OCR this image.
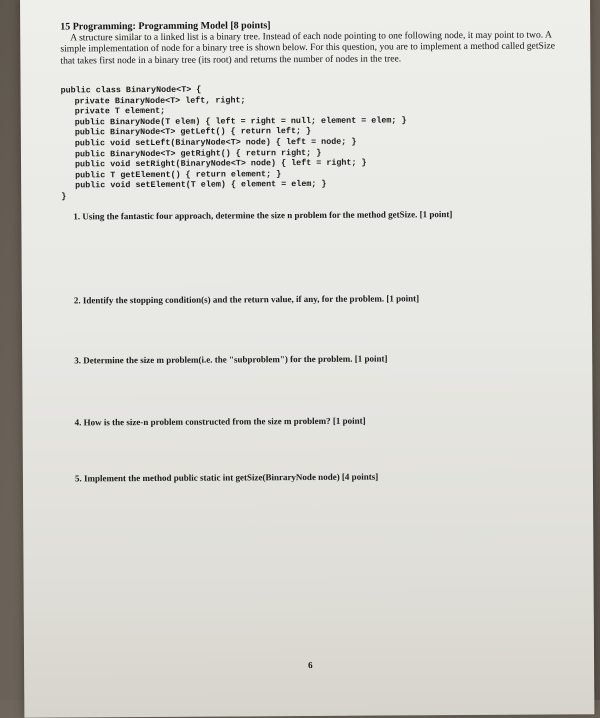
15 Programming: Programming Model [8 points]

A structure similar to a linked list is a binary tree. Instead of each node pointing to one following node, it may point to two. A simple implementation of node for a binary tree is shown below. For this question, you are to implement a method called getSize that takes first node in a binary tree (its root) and returns the number of nodes in the tree.

public class BinaryNode<T> {
private BinaryNode<T> left, right;
private T element;
public BinaryNode(T elem) { left = right = null; element = elem; }
public BinaryNode<T> getLeft() { return left; }
public void setLeft(BinaryNode<T> node) { left = node; }
public BinaryNode<T> getRight() { return right; }
public void setRight(BinaryNode<T> node) { left = right; }
public T getElement() { return element; }
public void setElement(T elem) { element = elem; }
}
1. Using the fantastic four approach, determine the size n problem for the method getSize. [1 point]
2. Identify the stopping condition(s) and the return value, if any, for the problem. [1 point]
3. Determine the size m problem(i.e. the "subproblem") for the problem. [1 point]
4. How is the size-n problem constructed from the size m problem? [1 point]
5. Implement the method public static int getSize(BinraryNode node) [4 points]
6
